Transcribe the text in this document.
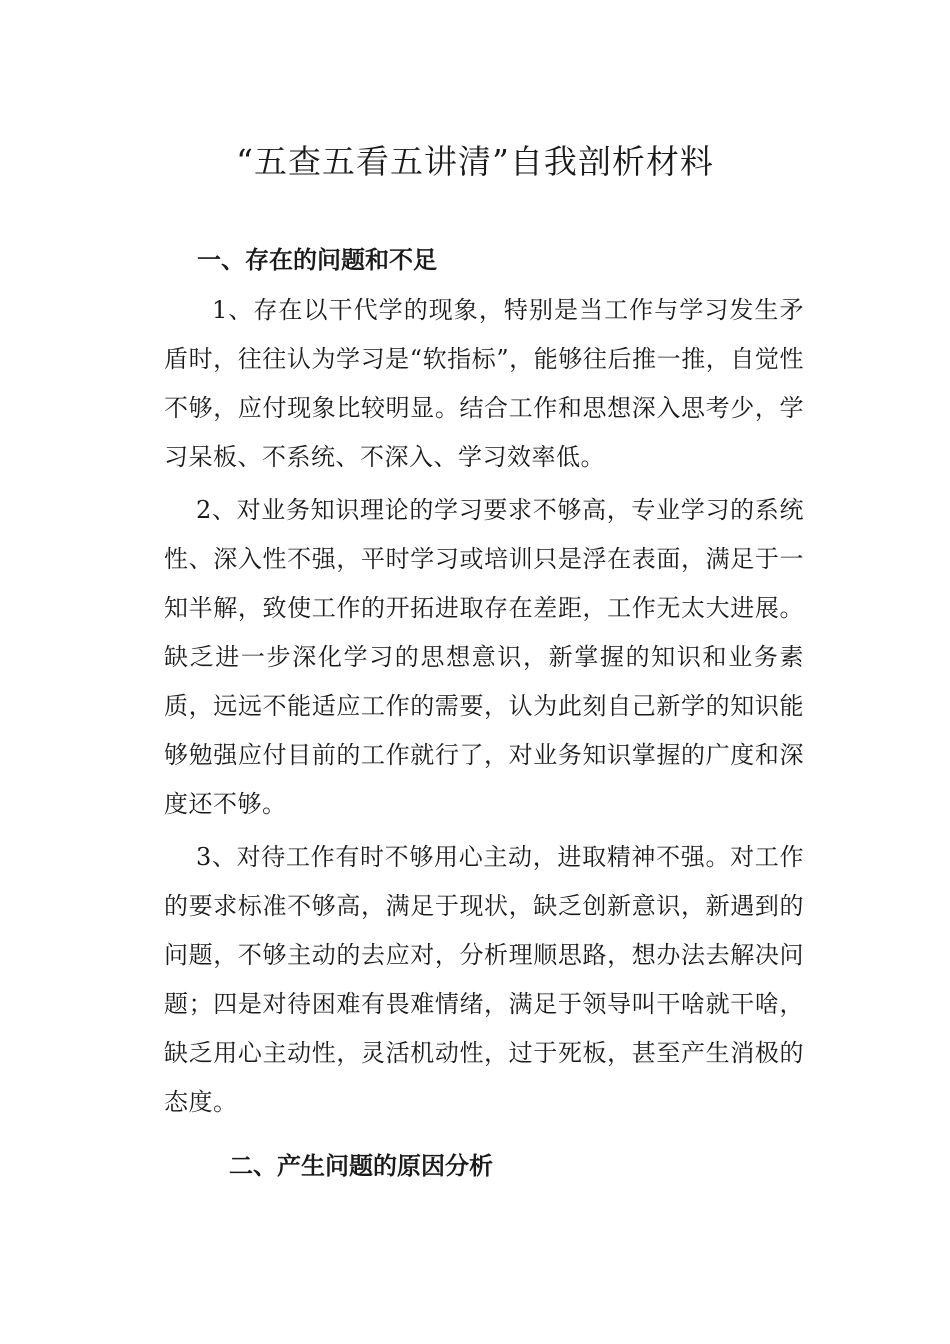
“五查五看五讲清”自我剖析材料
一、存在的问题和不足

1、存在以干代学的现象，特别是当工作与学习发生矛盾时，往往认为学习是“软指标”，能够往后推一推，自觉性不够，应付现象比较明显。结合工作和思想深入思考少，学习呆板、不系统、不深入、学习效率低。

2、对业务知识理论的学习要求不够高，专业学习的系统性、深入性不强，平时学习或培训只是浮在表面，满足于一知半解，致使工作的开拓进取存在差距，工作无太大进展。缺乏进一步深化学习的思想意识，新掌握的知识和业务素质，远远不能适应工作的需要，认为此刻自己新学的知识能够勉强应付目前的工作就行了，对业务知识掌握的广度和深度还不够。

3、对待工作有时不够用心主动，进取精神不强。对工作的要求标准不够高，满足于现状，缺乏创新意识，新遇到的问题，不够主动的去应对，分析理顺思路，想办法去解决问题；四是对待困难有畏难情绪，满足于领导叫干啥就干啥，缺乏用心主动性，灵活机动性，过于死板，甚至产生消极的态度。

二、产生问题的原因分析
